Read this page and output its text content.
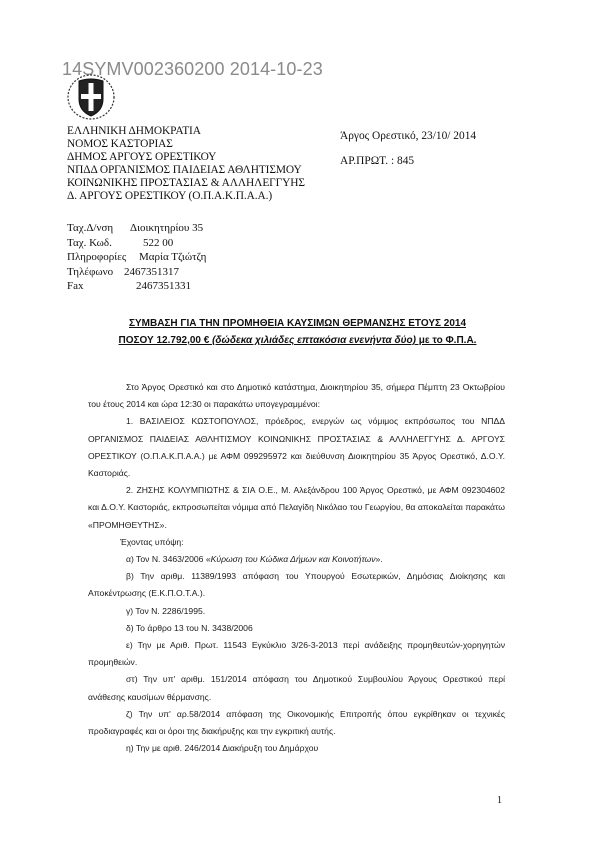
14SYMV002360200 2014-10-23
ΕΛΛΗΝΙΚΗ ΔΗΜΟΚΡΑΤΙΑ
ΝΟΜΟΣ ΚΑΣΤΟΡΙΑΣ
ΔΗΜΟΣ ΑΡΓΟΥΣ ΟΡΕΣΤΙΚΟΥ
ΝΠΔΔ ΟΡΓΑΝΙΣΜΟΣ ΠΑΙΔΕΙΑΣ ΑΘΛΗΤΙΣΜΟΥ
ΚΟΙΝΩΝΙΚΗΣ ΠΡΟΣΤΑΣΙΑΣ & ΑΛΛΗΛΕΓΓΥΗΣ
Δ. ΑΡΓΟΥΣ ΟΡΕΣΤΙΚΟΥ (Ο.Π.Α.Κ.Π.Α.Α.)
Άργος Ορεστικό, 23/10/ 2014
ΑΡ.ΠΡΩΤ. : 845
Ταχ.Δ/νση Διοικητηρίου 35
Ταχ. Κωδ.	522 00
Πληροφορίες Μαρία Τζιώτζη
Τηλέφωνο 2467351317
Fax	2467351331
ΣΥΜΒΑΣΗ ΓΙΑ ΤΗΝ ΠΡΟΜΗΘΕΙΑ ΚΑΥΣΙΜΩΝ ΘΕΡΜΑΝΣΗΣ ΕΤΟΥΣ 2014
ΠΟΣΟΥ 12.792,00 € (δώδεκα χιλιάδες επτακόσια ενενήντα δύο) με το Φ.Π.Α.
Στο Άργος Ορεστικό και στο Δημοτικό κατάστημα, Διοικητηρίου 35, σήμερα Πέμπτη 23 Οκτωβρίου του έτους 2014 και ώρα 12:30 οι παρακάτω υπογεγραμμένοι:
1. ΒΑΣΙΛΕΙΟΣ ΚΩΣΤΟΠΟΥΛΟΣ, πρόεδρος, ενεργών ως νόμιμος εκπρόσωπος του ΝΠΔΔ ΟΡΓΑΝΙΣΜΟΣ ΠΑΙΔΕΙΑΣ ΑΘΛΗΤΙΣΜΟΥ ΚΟΙΝΩΝΙΚΗΣ ΠΡΟΣΤΑΣΙΑΣ & ΑΛΛΗΛΕΓΓΥΗΣ Δ. ΑΡΓΟΥΣ ΟΡΕΣΤΙΚΟΥ (Ο.Π.Α.Κ.Π.Α.Α.) με ΑΦΜ 099295972 και διεύθυνση Διοικητηρίου 35 Άργος Ορεστικό, Δ.Ο.Υ. Καστοριάς.
2. ΖΗΣΗΣ ΚΟΛΥΜΠΙΩΤΗΣ & ΣΙΑ Ο.Ε., Μ. Αλεξάνδρου 100 Άργος Ορεστικό, με ΑΦΜ 092304602 και Δ.Ο.Υ. Καστοριάς, εκπροσωπείται νόμιμα από Πελαγίδη Νικόλαο του Γεωργίου, θα αποκαλείται παρακάτω «ΠΡΟΜΗΘΕΥΤΗΣ».
Έχοντας υπόψη:
α) Τον Ν. 3463/2006 «Κύρωση του Κώδικα Δήμων και Κοινοτήτων».
β) Την αριθμ. 11389/1993 απόφαση του Υπουργού Εσωτερικών, Δημόσιας Διοίκησης και Αποκέντρωσης (Ε.Κ.Π.Ο.Τ.Α.).
γ) Τον Ν. 2286/1995.
δ) Το άρθρο 13 του Ν. 3438/2006
ε) Την με Αριθ. Πρωτ. 11543 Εγκύκλιο 3/26-3-2013 περί ανάδειξης προμηθευτών-χορηγητών προμηθειών.
στ) Την υπ' αριθμ. 151/2014 απόφαση του Δημοτικού Συμβουλίου Άργους Ορεστικού περί ανάθεσης καυσίμων θέρμανσης.
ζ) Την υπ' αρ.58/2014 απόφαση της Οικονομικής Επιτροπής όπου εγκρίθηκαν οι τεχνικές προδιαγραφές και οι όροι της διακήρυξης και την εγκριτική αυτής.
η) Την με αριθ. 246/2014 Διακήρυξη του Δημάρχου
1
